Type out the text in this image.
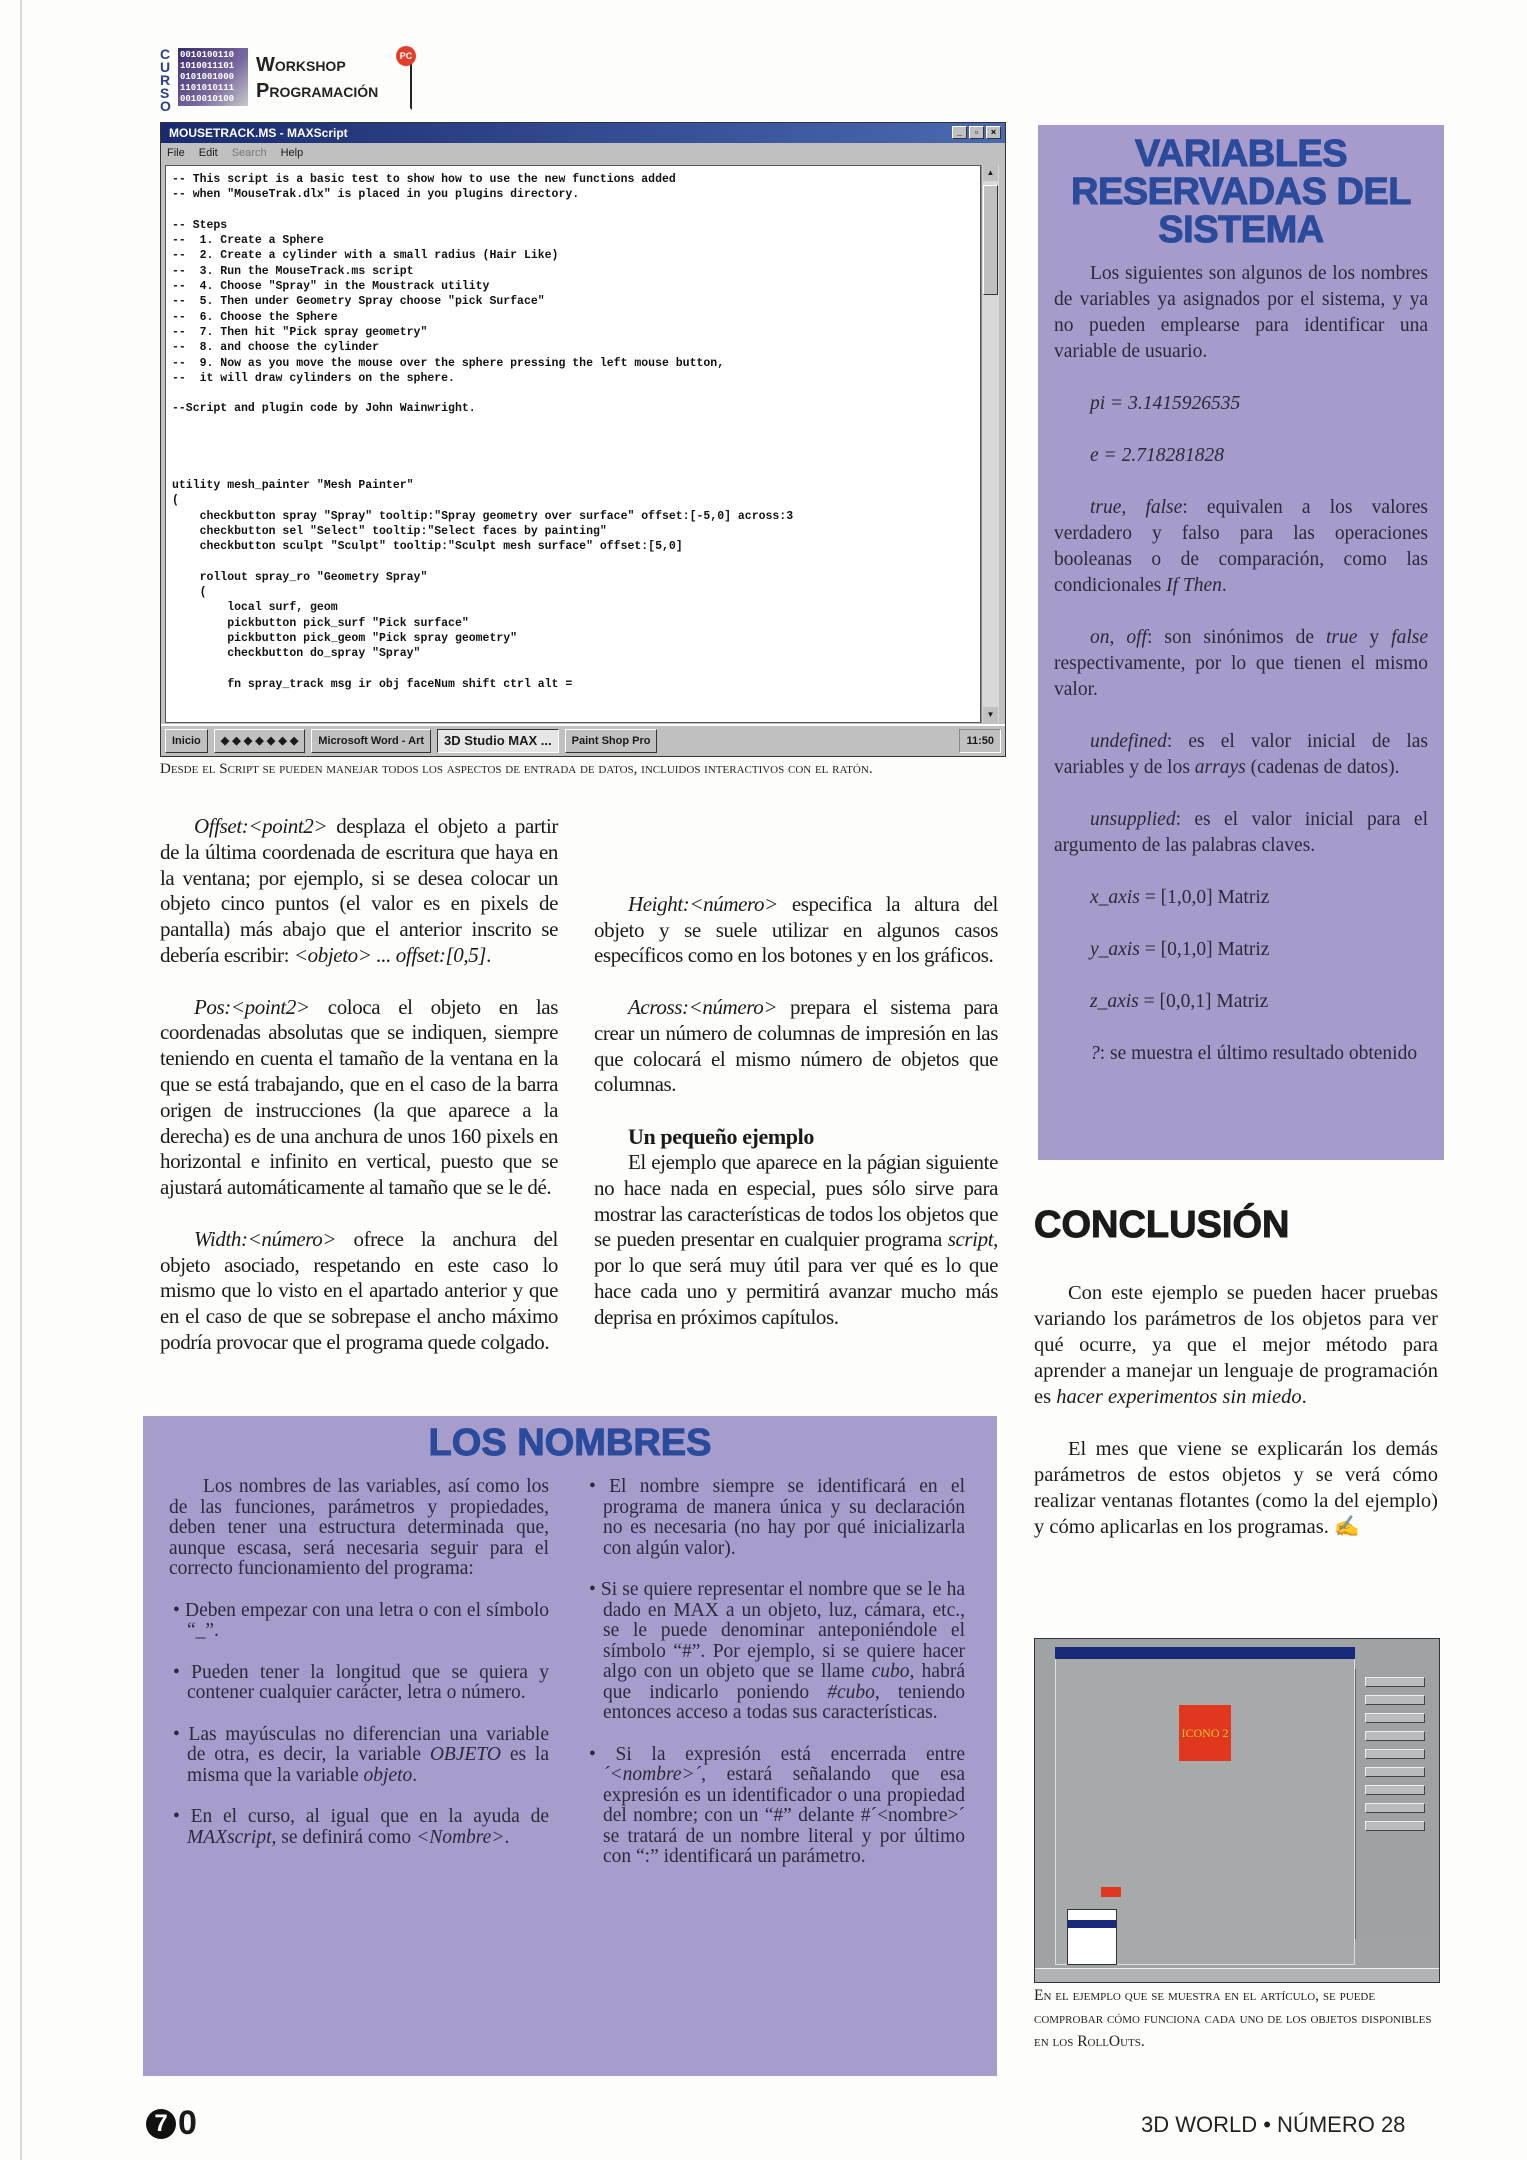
CURSO
0010100110 1010011101 0101001000 1101010111 0010010100
Workshop
Programación
PC
MOUSETRACK.MS - MAXScript	_	▫	×
File Edit Search Help
-- This script is a basic test to show how to use the new functions added
-- when "MouseTrak.dlx" is placed in you plugins directory.

-- Steps
--  1. Create a Sphere
--  2. Create a cylinder with a small radius (Hair Like)
--  3. Run the MouseTrack.ms script
--  4. Choose "Spray" in the Moustrack utility
--  5. Then under Geometry Spray choose "pick Surface"
--  6. Choose the Sphere
--  7. Then hit "Pick spray geometry"
--  8. and choose the cylinder
--  9. Now as you move the mouse over the sphere pressing the left mouse button,
--  it will draw cylinders on the sphere.

--Script and plugin code by John Wainwright.

utility mesh_painter "Mesh Painter"
(
checkbutton spray "Spray" tooltip:"Spray geometry over surface" offset:[-5,0] across:3
checkbutton sel "Select" tooltip:"Select faces by painting"
checkbutton sculpt "Sculpt" tooltip:"Sculpt mesh surface" offset:[5,0]

rollout spray_ro "Geometry Spray"
(
local surf, geom
pickbutton pick_surf "Pick surface"
pickbutton pick_geom "Pick spray geometry"
checkbutton do_spray "Spray"

fn spray_track msg ir obj faceNum shift ctrl alt =
▲
▼
Inicio	◆ ◆ ◆ ◆ ◆ ◆ ◆	Microsoft Word - Art	3D Studio MAX ...	Paint Shop Pro	11:50
Desde el Script se pueden manejar todos los aspectos de entrada de datos, incluidos interactivos con el ratón.

Offset:<point2> desplaza el objeto a partir de la última coordenada de escritura que haya en la ventana; por ejemplo, si se desea colocar un objeto cinco puntos (el valor es en pixels de pantalla) más abajo que el anterior inscrito se debería escribir: <objeto> ... offset:[0,5].

Pos:<point2> coloca el objeto en las coordenadas absolutas que se indiquen, siempre teniendo en cuenta el tamaño de la ventana en la que se está trabajando, que en el caso de la barra origen de instrucciones (la que aparece a la derecha) es de una anchura de unos 160 pixels en horizontal e infinito en vertical, puesto que se ajustará automáticamente al tamaño que se le dé.

Width:<número> ofrece la anchura del objeto asociado, respetando en este caso lo mismo que lo visto en el apartado anterior y que en el caso de que se sobrepase el ancho máximo podría provocar que el programa quede colgado.

Height:<número> especifica la altura del objeto y se suele utilizar en algunos casos específicos como en los botones y en los gráficos.

Across:<número> prepara el sistema para crear un número de columnas de impresión en las que colocará el mismo número de objetos que columnas.

Un pequeño ejemplo

El ejemplo que aparece en la págian siguiente no hace nada en especial, pues sólo sirve para mostrar las características de todos los objetos que se pueden presentar en cualquier programa script, por lo que será muy útil para ver qué es lo que hace cada uno y permitirá avanzar mucho más deprisa en próximos capítulos.

VARIABLES RESERVADAS DEL SISTEMA

Los siguientes son algunos de los nombres de variables ya asignados por el sistema, y ya no pueden emplearse para identificar una variable de usuario.

pi = 3.1415926535

e = 2.718281828

true, false: equivalen a los valores verdadero y falso para las operaciones booleanas o de comparación, como las condicionales If Then.

on, off: son sinónimos de true y false respectivamente, por lo que tienen el mismo valor.

undefined: es el valor inicial de las variables y de los arrays (cadenas de datos).

unsupplied: es el valor inicial para el argumento de las palabras claves.

x_axis = [1,0,0] Matriz

y_axis = [0,1,0] Matriz

z_axis = [0,0,1] Matriz

?: se muestra el último resultado obtenido

CONCLUSIÓN

Con este ejemplo se pueden hacer pruebas variando los parámetros de los objetos para ver qué ocurre, ya que el mejor método para aprender a manejar un lenguaje de programación es hacer experimentos sin miedo.

El mes que viene se explicarán los demás parámetros de estos objetos y se verá cómo realizar ventanas flotantes (como la del ejemplo) y cómo aplicarlas en los programas. ✍

LOS NOMBRES

Los nombres de las variables, así como los de las funciones, parámetros y propiedades, deben tener una estructura determinada que, aunque escasa, será necesaria seguir para el correcto funcionamiento del programa:

• Deben empezar con una letra o con el símbolo “_”.

• Pueden tener la longitud que se quiera y contener cualquier carácter, letra o número.

• Las mayúsculas no diferencian una variable de otra, es decir, la variable OBJETO es la misma que la variable objeto.

• En el curso, al igual que en la ayuda de MAXscript, se definirá como <Nombre>.

• El nombre siempre se identificará en el programa de manera única y su declaración no es necesaria (no hay por qué inicializarla con algún valor).

• Si se quiere representar el nombre que se le ha dado en MAX a un objeto, luz, cámara, etc., se le puede denominar anteponiéndole el símbolo “#”. Por ejemplo, si se quiere hacer algo con un objeto que se llame cubo, habrá que indicarlo poniendo #cubo, teniendo entonces acceso a todas sus características.

• Si la expresión está encerrada entre ´<nombre>´, estará señalando que esa expresión es un identificador o una propiedad del nombre; con un “#” delante #´<nombre>´ se tratará de un nombre literal y por último con “:” identificará un parámetro.

ICONO 2
En el ejemplo que se muestra en el artículo, se puede comprobar cómo funciona cada uno de los objetos disponibles en los RollOuts.
7 0	3D WORLD • NÚMERO 28
